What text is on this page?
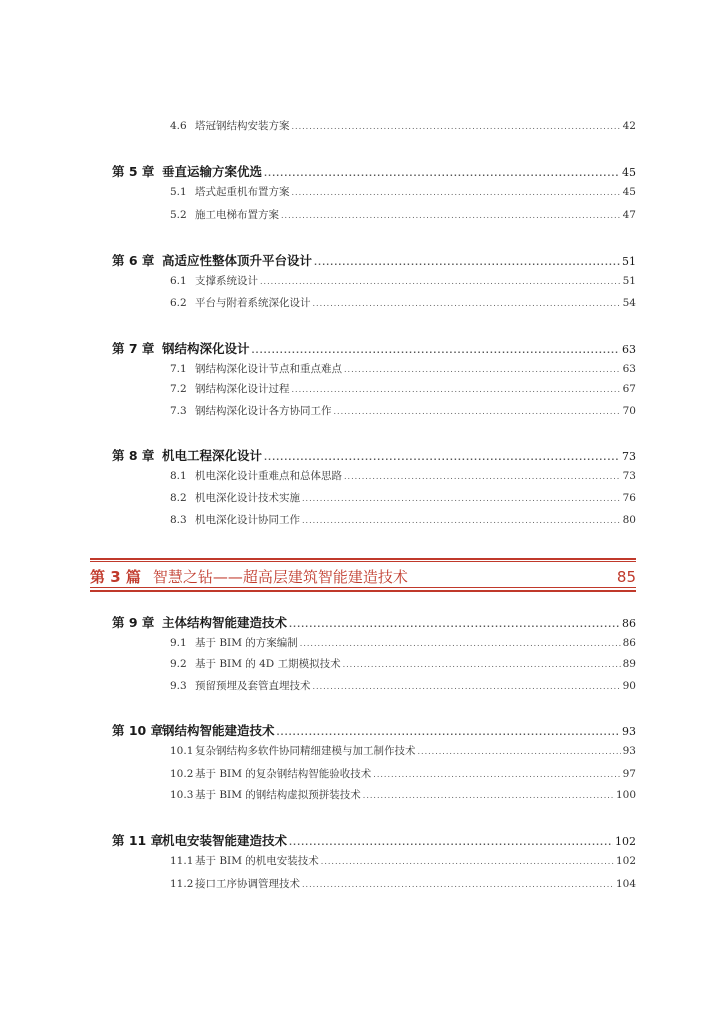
4.6 塔冠钢结构安装方案 .....	42
第 5 章 垂直运输方案优选 .....	45
5.1 塔式起重机布置方案 .....	45
5.2 施工电梯布置方案 .....	47
第 6 章 高适应性整体顶升平台设计 .....	51
6.1 支撑系统设计 .....	51
6.2 平台与附着系统深化设计 .....	54
第 7 章 钢结构深化设计 .....	63
7.1 钢结构深化设计节点和重点难点 .....	63
7.2 钢结构深化设计过程 .....	67
7.3 钢结构深化设计各方协同工作 .....	70
第 8 章 机电工程深化设计 .....	73
8.1 机电深化设计重难点和总体思路 .....	73
8.2 机电深化设计技术实施 .....	76
8.3 机电深化设计协同工作 .....	80
第 3 篇 智慧之钻——超高层建筑智能建造技术	85
第 9 章 主体结构智能建造技术 .....	86
9.1 基于 BIM 的方案编制 .....	86
9.2 基于 BIM 的 4D 工期模拟技术 .....	89
9.3 预留预埋及套管直埋技术 .....	90
第 10 章钢结构智能建造技术 .....	93
10.1 复杂钢结构多软件协同精细建模与加工制作技术 .....	93
10.2 基于 BIM 的复杂钢结构智能验收技术 .....	97
10.3 基于 BIM 的钢结构虚拟预拼装技术 .....	100
第 11 章机电安装智能建造技术 .....	102
11.1 基于 BIM 的机电安装技术 .....	102
11.2 接口工序协调管理技术 .....	104
